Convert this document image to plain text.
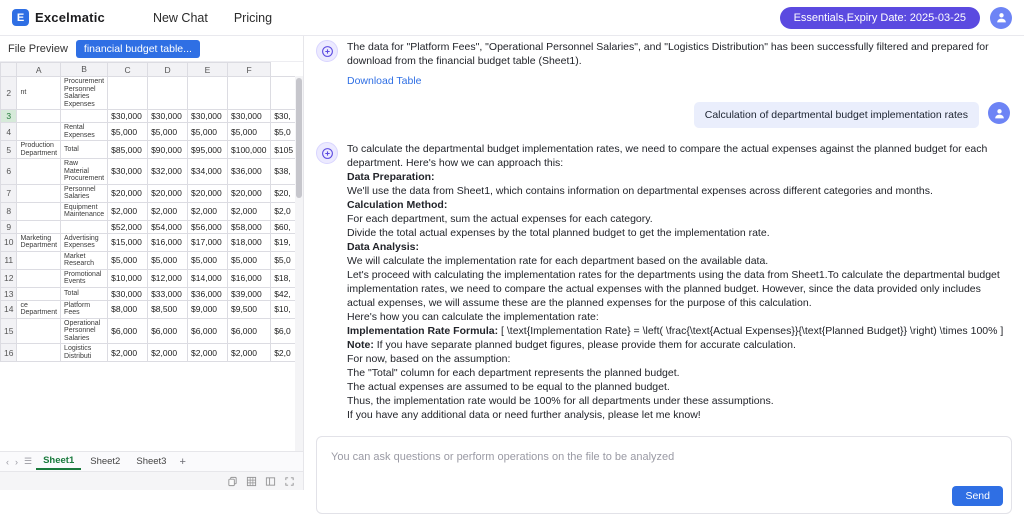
E Excelmatic	New Chat Pricing	Essentials,Expiry Date: 2025-03-25
File Preview	financial budget table...
	A	B	C	D	E	F	
2	nt	Procurement Personnel Salaries Expenses					
3			$30,000	$30,000	$30,000	$30,000	$30,
4		Rental Expenses	$5,000	$5,000	$5,000	$5,000	$5,0
5	Production Department	Total	$85,000	$90,000	$95,000	$100,000	$105
6		Raw Material Procurement	$30,000	$32,000	$34,000	$36,000	$38,
7		Personnel Salaries	$20,000	$20,000	$20,000	$20,000	$20,
8		Equipment Maintenance	$2,000	$2,000	$2,000	$2,000	$2,0
9			$52,000	$54,000	$56,000	$58,000	$60,
10	Marketing Department	Advertising Expenses	$15,000	$16,000	$17,000	$18,000	$19,
11		Market Research	$5,000	$5,000	$5,000	$5,000	$5,0
12		Promotional Events	$10,000	$12,000	$14,000	$16,000	$18,
13		Total	$30,000	$33,000	$36,000	$39,000	$42,
14	ce Department	Platform Fees	$8,000	$8,500	$9,000	$9,500	$10,
15		Operational Personnel Salaries	$6,000	$6,000	$6,000	$6,000	$6,0
16		Logistics Distributi	$2,000	$2,000	$2,000	$2,000	$2,0
‹ › ☰	Sheet1	Sheet2	Sheet3	+

The data for "Platform Fees", "Operational Personnel Salaries", and "Logistics Distribution" has been successfully filtered and prepared for download from the financial budget table (Sheet1).

Download Table
Calculation of departmental budget implementation rates

To calculate the departmental budget implementation rates, we need to compare the actual expenses against the planned budget for each department. Here's how we can approach this:

Data Preparation:

We'll use the data from Sheet1, which contains information on departmental expenses across different categories and months.

Calculation Method:

For each department, sum the actual expenses for each category.

Divide the total actual expenses by the total planned budget to get the implementation rate.

Data Analysis:

We will calculate the implementation rate for each department based on the available data.

Let's proceed with calculating the implementation rates for the departments using the data from Sheet1.To calculate the departmental budget implementation rates, we need to compare the actual expenses with the planned budget. However, since the data provided only includes actual expenses, we will assume these are the planned expenses for the purpose of this calculation.

Here's how you can calculate the implementation rate:

Implementation Rate Formula: [ \text{Implementation Rate} = \left( \frac{\text{Actual Expenses}}{\text{Planned Budget}} \right) \times 100% ]

Note: If you have separate planned budget figures, please provide them for accurate calculation.

For now, based on the assumption:

The "Total" column for each department represents the planned budget.

The actual expenses are assumed to be equal to the planned budget.

Thus, the implementation rate would be 100% for all departments under these assumptions.

If you have any additional data or need further analysis, please let me know!

You can ask questions or perform operations on the file to be analyzed
Send
